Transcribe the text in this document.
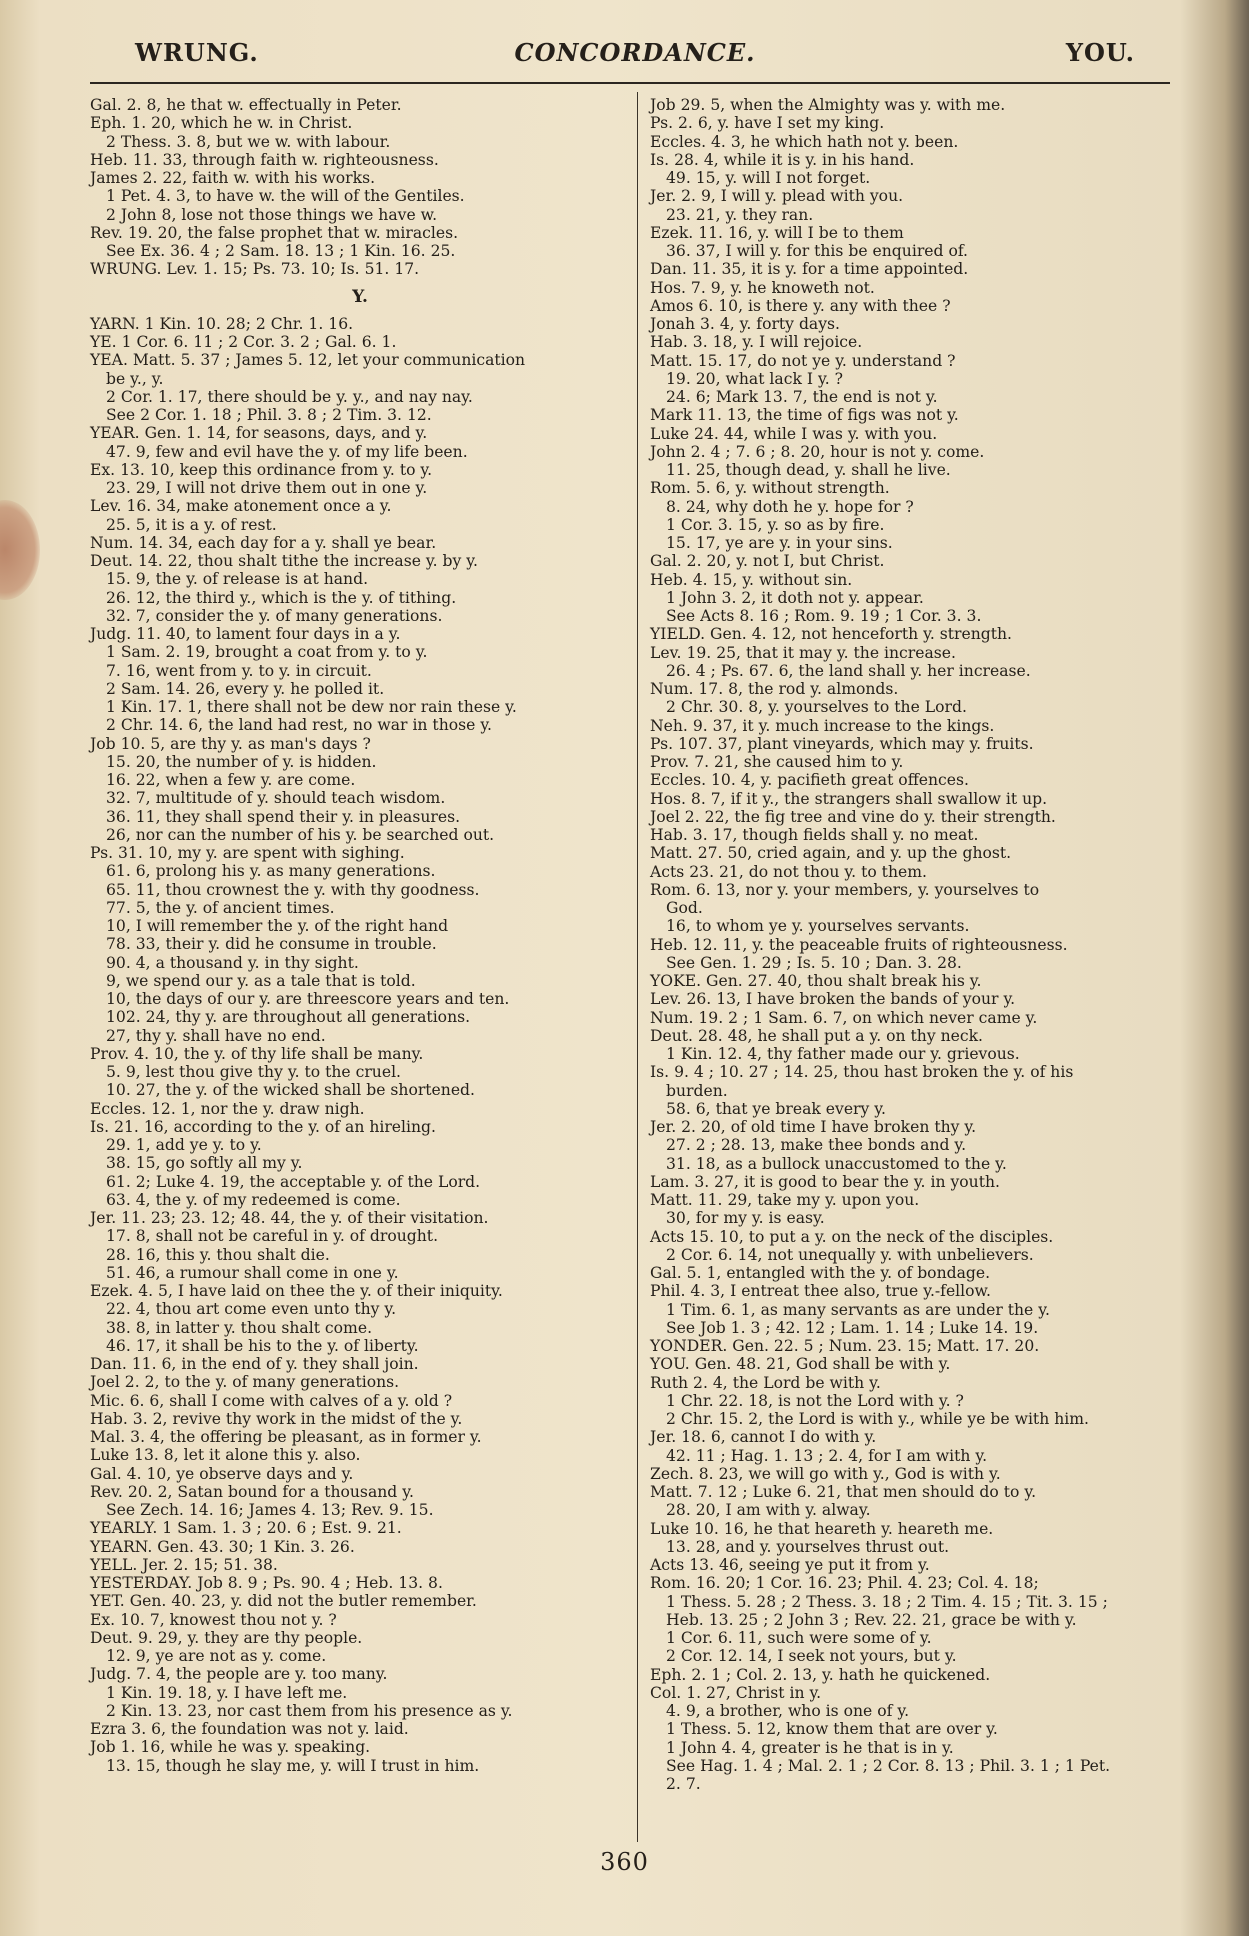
CONCORDANCE.
WRUNG.	YOU.
Gal. 2. 8, he that w. effectually in Peter.
Eph. 1. 20, which he w. in Christ.
2 Thess. 3. 8, but we w. with labour.
Heb. 11. 33, through faith w. righteousness.
James 2. 22, faith w. with his works.
1 Pet. 4. 3, to have w. the will of the Gentiles.
2 John 8, lose not those things we have w.
Rev. 19. 20, the false prophet that w. miracles.
See Ex. 36. 4 ; 2 Sam. 18. 13 ; 1 Kin. 16. 25.
WRUNG. Lev. 1. 15; Ps. 73. 10; Is. 51. 17.
Y.
YARN. 1 Kin. 10. 28; 2 Chr. 1. 16.
YE. 1 Cor. 6. 11 ; 2 Cor. 3. 2 ; Gal. 6. 1.
YEA. Matt. 5. 37 ; James 5. 12, let your communication
be y., y.
2 Cor. 1. 17, there should be y. y., and nay nay.
See 2 Cor. 1. 18 ; Phil. 3. 8 ; 2 Tim. 3. 12.
YEAR. Gen. 1. 14, for seasons, days, and y.
47. 9, few and evil have the y. of my life been.
Ex. 13. 10, keep this ordinance from y. to y.
23. 29, I will not drive them out in one y.
Lev. 16. 34, make atonement once a y.
25. 5, it is a y. of rest.
Num. 14. 34, each day for a y. shall ye bear.
Deut. 14. 22, thou shalt tithe the increase y. by y.
15. 9, the y. of release is at hand.
26. 12, the third y., which is the y. of tithing.
32. 7, consider the y. of many generations.
Judg. 11. 40, to lament four days in a y.
1 Sam. 2. 19, brought a coat from y. to y.
7. 16, went from y. to y. in circuit.
2 Sam. 14. 26, every y. he polled it.
1 Kin. 17. 1, there shall not be dew nor rain these y.
2 Chr. 14. 6, the land had rest, no war in those y.
Job 10. 5, are thy y. as man's days ?
15. 20, the number of y. is hidden.
16. 22, when a few y. are come.
32. 7, multitude of y. should teach wisdom.
36. 11, they shall spend their y. in pleasures.
26, nor can the number of his y. be searched out.
Ps. 31. 10, my y. are spent with sighing.
61. 6, prolong his y. as many generations.
65. 11, thou crownest the y. with thy goodness.
77. 5, the y. of ancient times.
10, I will remember the y. of the right hand
78. 33, their y. did he consume in trouble.
90. 4, a thousand y. in thy sight.
9, we spend our y. as a tale that is told.
10, the days of our y. are threescore years and ten.
102. 24, thy y. are throughout all generations.
27, thy y. shall have no end.
Prov. 4. 10, the y. of thy life shall be many.
5. 9, lest thou give thy y. to the cruel.
10. 27, the y. of the wicked shall be shortened.
Eccles. 12. 1, nor the y. draw nigh.
Is. 21. 16, according to the y. of an hireling.
29. 1, add ye y. to y.
38. 15, go softly all my y.
61. 2; Luke 4. 19, the acceptable y. of the Lord.
63. 4, the y. of my redeemed is come.
Jer. 11. 23; 23. 12; 48. 44, the y. of their visitation.
17. 8, shall not be careful in y. of drought.
28. 16, this y. thou shalt die.
51. 46, a rumour shall come in one y.
Ezek. 4. 5, I have laid on thee the y. of their iniquity.
22. 4, thou art come even unto thy y.
38. 8, in latter y. thou shalt come.
46. 17, it shall be his to the y. of liberty.
Dan. 11. 6, in the end of y. they shall join.
Joel 2. 2, to the y. of many generations.
Mic. 6. 6, shall I come with calves of a y. old ?
Hab. 3. 2, revive thy work in the midst of the y.
Mal. 3. 4, the offering be pleasant, as in former y.
Luke 13. 8, let it alone this y. also.
Gal. 4. 10, ye observe days and y.
Rev. 20. 2, Satan bound for a thousand y.
See Zech. 14. 16; James 4. 13; Rev. 9. 15.
YEARLY. 1 Sam. 1. 3 ; 20. 6 ; Est. 9. 21.
YEARN. Gen. 43. 30; 1 Kin. 3. 26.
YELL. Jer. 2. 15; 51. 38.
YESTERDAY. Job 8. 9 ; Ps. 90. 4 ; Heb. 13. 8.
YET. Gen. 40. 23, y. did not the butler remember.
Ex. 10. 7, knowest thou not y. ?
Deut. 9. 29, y. they are thy people.
12. 9, ye are not as y. come.
Judg. 7. 4, the people are y. too many.
1 Kin. 19. 18, y. I have left me.
2 Kin. 13. 23, nor cast them from his presence as y.
Ezra 3. 6, the foundation was not y. laid.
Job 1. 16, while he was y. speaking.
13. 15, though he slay me, y. will I trust in him.
Job 29. 5, when the Almighty was y. with me.
Ps. 2. 6, y. have I set my king.
Eccles. 4. 3, he which hath not y. been.
Is. 28. 4, while it is y. in his hand.
49. 15, y. will I not forget.
Jer. 2. 9, I will y. plead with you.
23. 21, y. they ran.
Ezek. 11. 16, y. will I be to them
36. 37, I will y. for this be enquired of.
Dan. 11. 35, it is y. for a time appointed.
Hos. 7. 9, y. he knoweth not.
Amos 6. 10, is there y. any with thee ?
Jonah 3. 4, y. forty days.
Hab. 3. 18, y. I will rejoice.
Matt. 15. 17, do not ye y. understand ?
19. 20, what lack I y. ?
24. 6; Mark 13. 7, the end is not y.
Mark 11. 13, the time of figs was not y.
Luke 24. 44, while I was y. with you.
John 2. 4 ; 7. 6 ; 8. 20, hour is not y. come.
11. 25, though dead, y. shall he live.
Rom. 5. 6, y. without strength.
8. 24, why doth he y. hope for ?
1 Cor. 3. 15, y. so as by fire.
15. 17, ye are y. in your sins.
Gal. 2. 20, y. not I, but Christ.
Heb. 4. 15, y. without sin.
1 John 3. 2, it doth not y. appear.
See Acts 8. 16 ; Rom. 9. 19 ; 1 Cor. 3. 3.
YIELD. Gen. 4. 12, not henceforth y. strength.
Lev. 19. 25, that it may y. the increase.
26. 4 ; Ps. 67. 6, the land shall y. her increase.
Num. 17. 8, the rod y. almonds.
2 Chr. 30. 8, y. yourselves to the Lord.
Neh. 9. 37, it y. much increase to the kings.
Ps. 107. 37, plant vineyards, which may y. fruits.
Prov. 7. 21, she caused him to y.
Eccles. 10. 4, y. pacifieth great offences.
Hos. 8. 7, if it y., the strangers shall swallow it up.
Joel 2. 22, the fig tree and vine do y. their strength.
Hab. 3. 17, though fields shall y. no meat.
Matt. 27. 50, cried again, and y. up the ghost.
Acts 23. 21, do not thou y. to them.
Rom. 6. 13, nor y. your members, y. yourselves to
God.
16, to whom ye y. yourselves servants.
Heb. 12. 11, y. the peaceable fruits of righteousness.
See Gen. 1. 29 ; Is. 5. 10 ; Dan. 3. 28.
YOKE. Gen. 27. 40, thou shalt break his y.
Lev. 26. 13, I have broken the bands of your y.
Num. 19. 2 ; 1 Sam. 6. 7, on which never came y.
Deut. 28. 48, he shall put a y. on thy neck.
1 Kin. 12. 4, thy father made our y. grievous.
Is. 9. 4 ; 10. 27 ; 14. 25, thou hast broken the y. of his
burden.
58. 6, that ye break every y.
Jer. 2. 20, of old time I have broken thy y.
27. 2 ; 28. 13, make thee bonds and y.
31. 18, as a bullock unaccustomed to the y.
Lam. 3. 27, it is good to bear the y. in youth.
Matt. 11. 29, take my y. upon you.
30, for my y. is easy.
Acts 15. 10, to put a y. on the neck of the disciples.
2 Cor. 6. 14, not unequally y. with unbelievers.
Gal. 5. 1, entangled with the y. of bondage.
Phil. 4. 3, I entreat thee also, true y.-fellow.
1 Tim. 6. 1, as many servants as are under the y.
See Job 1. 3 ; 42. 12 ; Lam. 1. 14 ; Luke 14. 19.
YONDER. Gen. 22. 5 ; Num. 23. 15; Matt. 17. 20.
YOU. Gen. 48. 21, God shall be with y.
Ruth 2. 4, the Lord be with y.
1 Chr. 22. 18, is not the Lord with y. ?
2 Chr. 15. 2, the Lord is with y., while ye be with him.
Jer. 18. 6, cannot I do with y.
42. 11 ; Hag. 1. 13 ; 2. 4, for I am with y.
Zech. 8. 23, we will go with y., God is with y.
Matt. 7. 12 ; Luke 6. 21, that men should do to y.
28. 20, I am with y. alway.
Luke 10. 16, he that heareth y. heareth me.
13. 28, and y. yourselves thrust out.
Acts 13. 46, seeing ye put it from y.
Rom. 16. 20; 1 Cor. 16. 23; Phil. 4. 23; Col. 4. 18;
1 Thess. 5. 28 ; 2 Thess. 3. 18 ; 2 Tim. 4. 15 ; Tit. 3. 15 ;
Heb. 13. 25 ; 2 John 3 ; Rev. 22. 21, grace be with y.
1 Cor. 6. 11, such were some of y.
2 Cor. 12. 14, I seek not yours, but y.
Eph. 2. 1 ; Col. 2. 13, y. hath he quickened.
Col. 1. 27, Christ in y.
4. 9, a brother, who is one of y.
1 Thess. 5. 12, know them that are over y.
1 John 4. 4, greater is he that is in y.
See Hag. 1. 4 ; Mal. 2. 1 ; 2 Cor. 8. 13 ; Phil. 3. 1 ; 1 Pet.
2. 7.
360
